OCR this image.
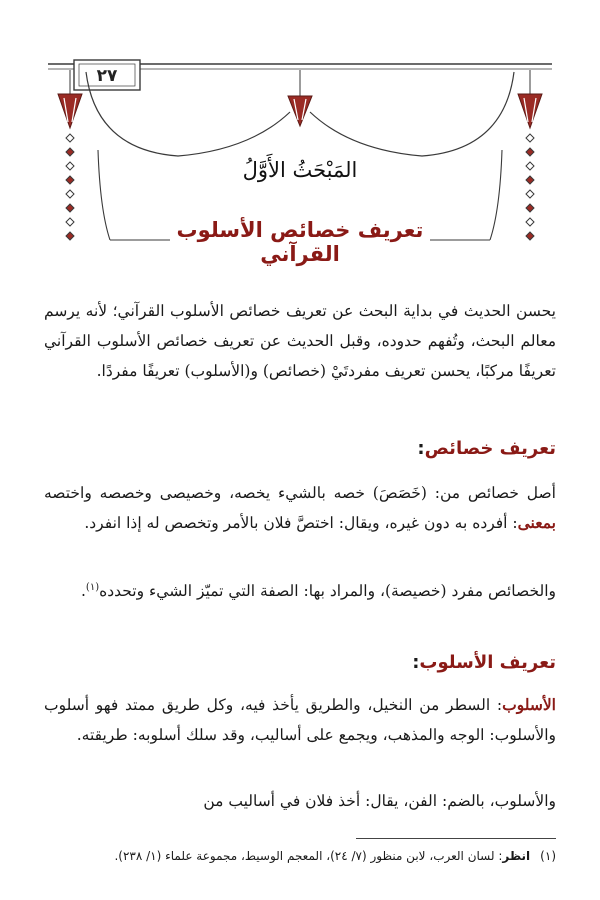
٢٧
المَبْحَثُ الأَوَّلُ
تعريف خصائص الأسلوب القرآني
يحسن الحديث في بداية البحث عن تعريف خصائص الأسلوب القرآني؛ لأنه يرسم معالم البحث، وتُفهم حدوده، وقبل الحديث عن تعريف خصائص الأسلوب القرآني تعريفًا مركبًا، يحسن تعريف مفردتَيْ (خصائص) و(الأسلوب) تعريفًا مفردًا.
تعريف خصائص:
أصل خصائص من: (خَصَصَ) خصه بالشيء يخصه، وخصيصى وخصصه واختصه بمعنى: أفرده به دون غيره، ويقال: اختصَّ فلان بالأمر وتخصص له إذا انفرد.
والخصائص مفرد (خصيصة)، والمراد بها: الصفة التي تميّز الشيء وتحدده$^{(١)}$.
تعريف الأسلوب:
الأسلوب: السطر من النخيل، والطريق يأخذ فيه، وكل طريق ممتد فهو أسلوب والأسلوب: الوجه والمذهب، ويجمع على أساليب، وقد سلك أسلوبه: طريقته.
والأسلوب، بالضم: الفن، يقال: أخذ فلان في أساليب من
(١)انظر: لسان العرب، لابن منظور (٧/ ٢٤)، المعجم الوسيط، مجموعة علماء (١/ ٢٣٨).
